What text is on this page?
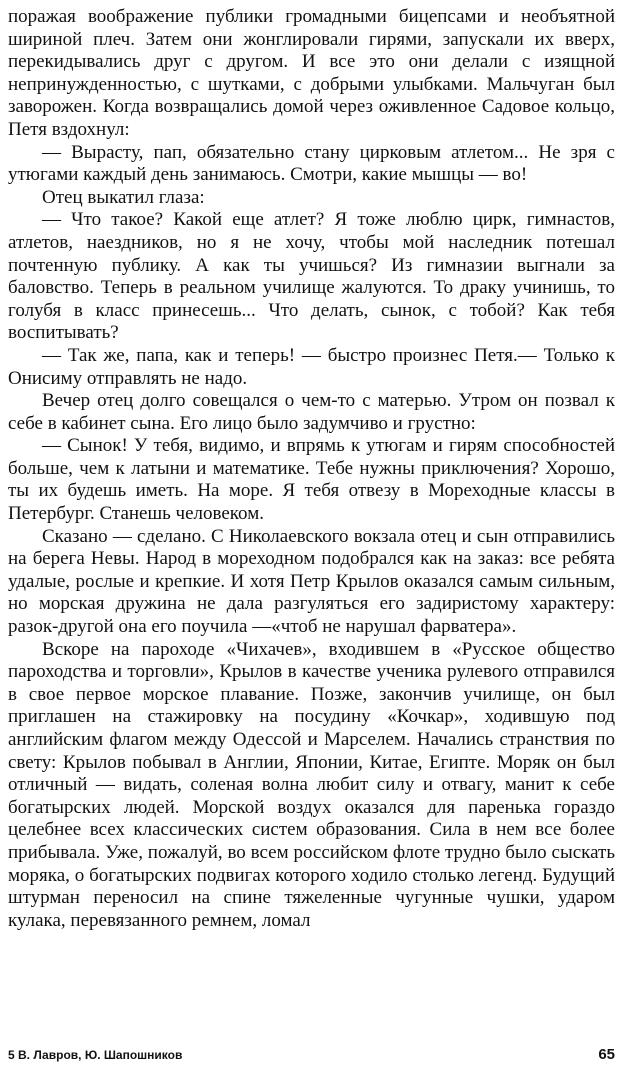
поражая воображение публики громадными бицепсами и необъятной шириной плеч. Затем они жонглировали гирями, запускали их вверх, перекидывались друг с другом. И все это они делали с изящной непринужденностью, с шутками, с добрыми улыбками. Мальчуган был заворожен. Когда возвращались домой через оживленное Садовое кольцо, Петя вздохнул:

— Вырасту, пап, обязательно стану цирковым атлетом... Не зря с утюгами каждый день занимаюсь. Смотри, какие мышцы — во!

Отец выкатил глаза:

— Что такое? Какой еще атлет? Я тоже люблю цирк, гимнастов, атлетов, наездников, но я не хочу, чтобы мой наследник потешал почтенную публику. А как ты учишься? Из гимназии выгнали за баловство. Теперь в реальном училище жалуются. То драку учинишь, то голубя в класс принесешь... Что делать, сынок, с тобой? Как тебя воспитывать?

— Так же, папа, как и теперь! — быстро произнес Петя.— Только к Онисиму отправлять не надо.

Вечер отец долго совещался о чем-то с матерью. Утром он позвал к себе в кабинет сына. Его лицо было задумчиво и грустно:

— Сынок! У тебя, видимо, и впрямь к утюгам и гирям способностей больше, чем к латыни и математике. Тебе нужны приключения? Хорошо, ты их будешь иметь. На море. Я тебя отвезу в Мореходные классы в Петербург. Станешь человеком.

Сказано — сделано. С Николаевского вокзала отец и сын отправились на берега Невы. Народ в мореходном подобрался как на заказ: все ребята удалые, рослые и крепкие. И хотя Петр Крылов оказался самым сильным, но морская дружина не дала разгуляться его задиристому характеру: разок-другой она его поучила —«чтоб не нарушал фарватера».

Вскоре на пароходе «Чихачев», входившем в «Русское общество пароходства и торговли», Крылов в качестве ученика рулевого отправился в свое первое морское плавание. Позже, закончив училище, он был приглашен на стажировку на посудину «Кочкар», ходившую под английским флагом между Одессой и Марселем. Начались странствия по свету: Крылов побывал в Англии, Японии, Китае, Египте. Моряк он был отличный — видать, соленая волна любит силу и отвагу, манит к себе богатырских людей. Морской воздух оказался для паренька гораздо целебнее всех классических систем образования. Сила в нем все более прибывала. Уже, пожалуй, во всем российском флоте трудно было сыскать моряка, о богатырских подвигах которого ходило столько легенд. Будущий штурман переносил на спине тяжеленные чугунные чушки, ударом кулака, перевязанного ремнем, ломал

5 В. Лавров, Ю. Шапошников	65
